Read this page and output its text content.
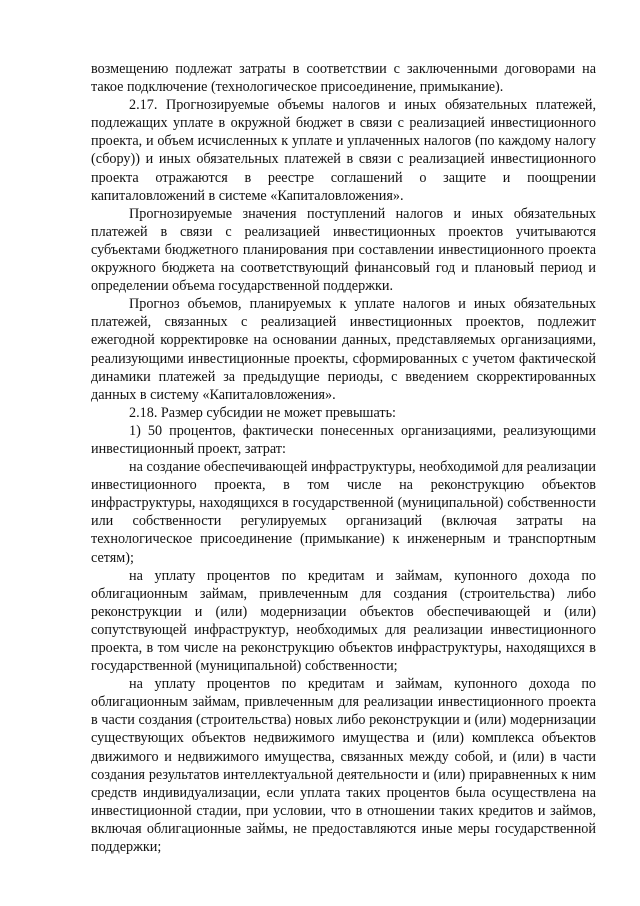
возмещению подлежат затраты в соответствии с заключенными договорами на такое подключение (технологическое присоединение, примыкание).

2.17. Прогнозируемые объемы налогов и иных обязательных платежей, подлежащих уплате в окружной бюджет в связи с реализацией инвестиционного проекта, и объем исчисленных к уплате и уплаченных налогов (по каждому налогу (сбору)) и иных обязательных платежей в связи с реализацией инвестиционного проекта отражаются в реестре соглашений о защите и поощрении капиталовложений в системе «Капиталовложения».

Прогнозируемые значения поступлений налогов и иных обязательных платежей в связи с реализацией инвестиционных проектов учитываются субъектами бюджетного планирования при составлении инвестиционного проекта окружного бюджета на соответствующий финансовый год и плановый период и определении объема государственной поддержки.

Прогноз объемов, планируемых к уплате налогов и иных обязательных платежей, связанных с реализацией инвестиционных проектов, подлежит ежегодной корректировке на основании данных, представляемых организациями, реализующими инвестиционные проекты, сформированных с учетом фактической динамики платежей за предыдущие периоды, с введением скорректированных данных в систему «Капиталовложения».

2.18. Размер субсидии не может превышать:

1) 50 процентов, фактически понесенных организациями, реализующими инвестиционный проект, затрат:

на создание обеспечивающей инфраструктуры, необходимой для реализации инвестиционного проекта, в том числе на реконструкцию объектов инфраструктуры, находящихся в государственной (муниципальной) собственности или собственности регулируемых организаций (включая затраты на технологическое присоединение (примыкание) к инженерным и транспортным сетям);

на уплату процентов по кредитам и займам, купонного дохода по облигационным займам, привлеченным для создания (строительства) либо реконструкции и (или) модернизации объектов обеспечивающей и (или) сопутствующей инфраструктур, необходимых для реализации инвестиционного проекта, в том числе на реконструкцию объектов инфраструктуры, находящихся в государственной (муниципальной) собственности;

на уплату процентов по кредитам и займам, купонного дохода по облигационным займам, привлеченным для реализации инвестиционного проекта в части создания (строительства) новых либо реконструкции и (или) модернизации существующих объектов недвижимого имущества и (или) комплекса объектов движимого и недвижимого имущества, связанных между собой, и (или) в части создания результатов интеллектуальной деятельности и (или) приравненных к ним средств индивидуализации, если уплата таких процентов была осуществлена на инвестиционной стадии, при условии, что в отношении таких кредитов и займов, включая облигационные займы, не предоставляются иные меры государственной поддержки;
